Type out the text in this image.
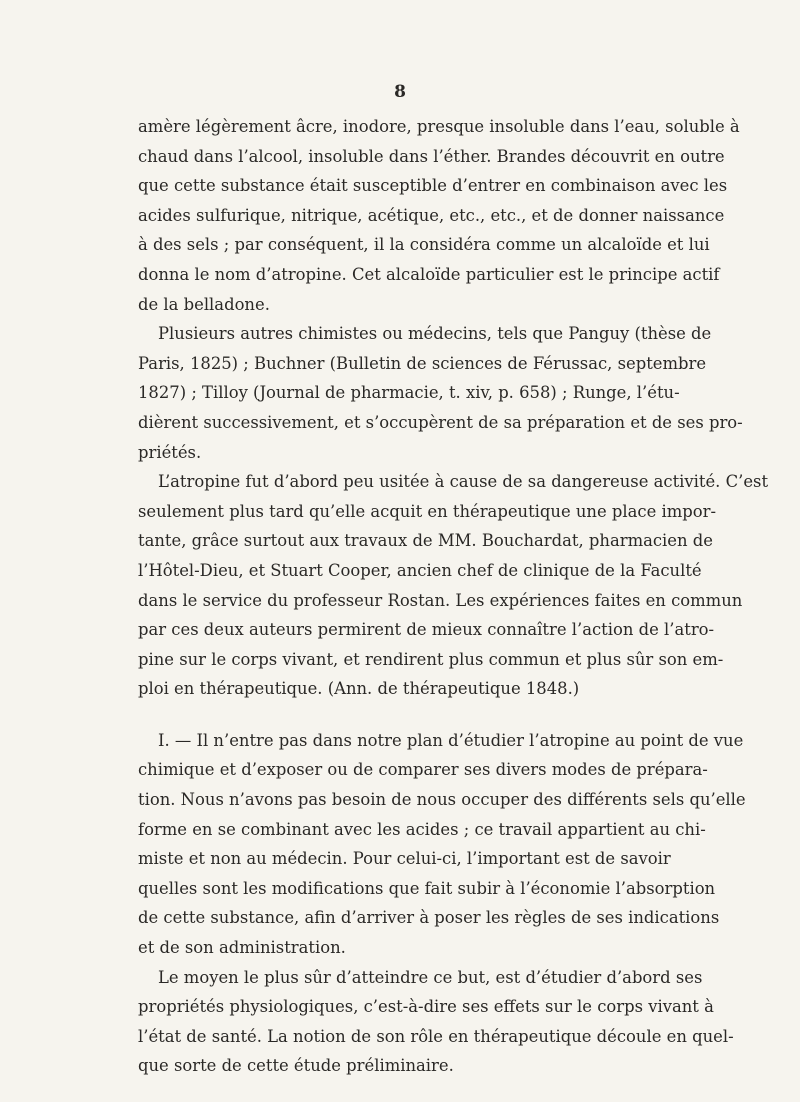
8
amère légèrement âcre, inodore, presque insoluble dans l’eau, soluble à
chaud dans l’alcool, insoluble dans l’éther. Brandes découvrit en outre
que cette substance était susceptible d’entrer en combinaison avec les
acides sulfurique, nitrique, acétique, etc., etc., et de donner naissance
à des sels ; par conséquent, il la considéra comme un alcaloïde et lui
donna le nom d’atropine. Cet alcaloïde particulier est le principe actif
de la belladone.
Plusieurs autres chimistes ou médecins, tels que Panguy (thèse de
Paris, 1825) ; Buchner (Bulletin de sciences de Férussac, septembre
1827) ; Tilloy (Journal de pharmacie, t. xiv, p. 658) ; Runge, l’étu-
dièrent successivement, et s’occupèrent de sa préparation et de ses pro-
priétés.
L’atropine fut d’abord peu usitée à cause de sa dangereuse activité. C’est
seulement plus tard qu’elle acquit en thérapeutique une place impor-
tante, grâce surtout aux travaux de MM. Bouchardat, pharmacien de
l’Hôtel-Dieu, et Stuart Cooper, ancien chef de clinique de la Faculté
dans le service du professeur Rostan. Les expériences faites en commun
par ces deux auteurs permirent de mieux connaître l’action de l’atro-
pine sur le corps vivant, et rendirent plus commun et plus sûr son em-
ploi en thérapeutique. (Ann. de thérapeutique 1848.)
I. — Il n’entre pas dans notre plan d’étudier l’atropine au point de vue
chimique et d’exposer ou de comparer ses divers modes de prépara-
tion. Nous n’avons pas besoin de nous occuper des différents sels qu’elle
forme en se combinant avec les acides ; ce travail appartient au chi-
miste et non au médecin. Pour celui-ci, l’important est de savoir
quelles sont les modifications que fait subir à l’économie l’absorption
de cette substance, afin d’arriver à poser les règles de ses indications
et de son administration.
Le moyen le plus sûr d’atteindre ce but, est d’étudier d’abord ses
propriétés physiologiques, c’est-à-dire ses effets sur le corps vivant à
l’état de santé. La notion de son rôle en thérapeutique découle en quel-
que sorte de cette étude préliminaire.
